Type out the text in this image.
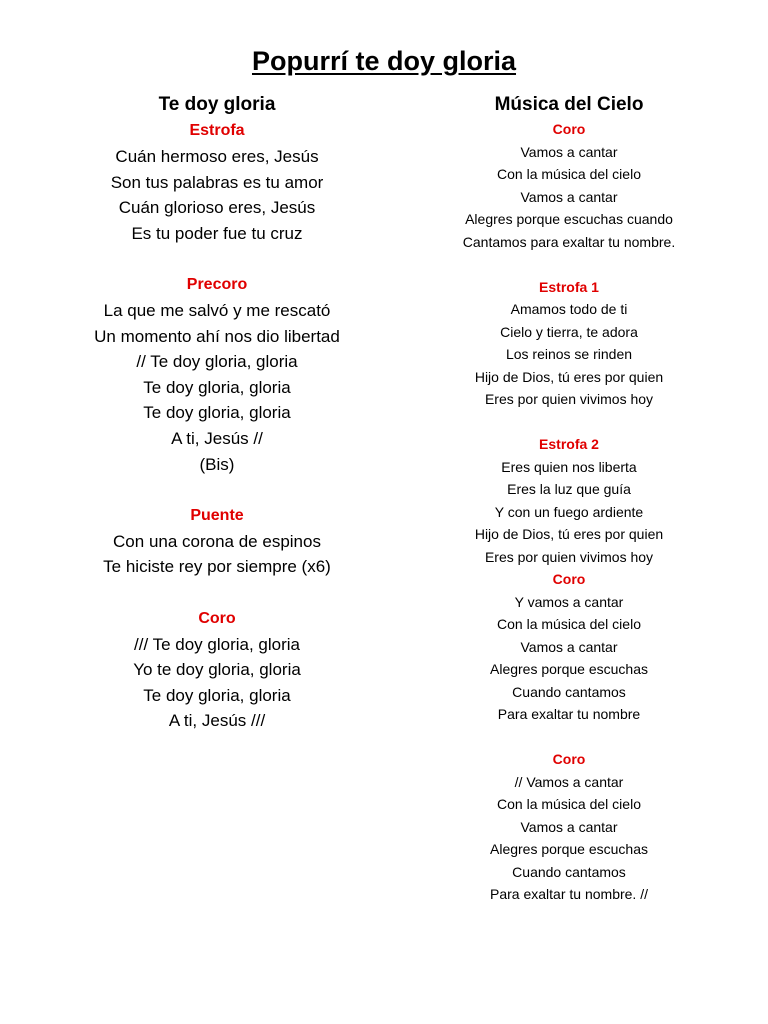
Popurrí te doy gloria
Te doy gloria
Estrofa
Cuán hermoso eres, Jesús
Son tus palabras es tu amor
Cuán glorioso eres, Jesús
Es tu poder fue tu cruz
Precoro
La que me salvó y me rescató
Un momento ahí nos dio libertad
// Te doy gloria, gloria
Te doy gloria, gloria
Te doy gloria, gloria
A ti, Jesús //
(Bis)
Puente
Con una corona de espinos
Te hiciste rey por siempre (x6)
Coro
/// Te doy gloria, gloria
Yo te doy gloria, gloria
Te doy gloria, gloria
A ti, Jesús ///
Música del Cielo
Coro
Vamos a cantar
Con la música del cielo
Vamos a cantar
Alegres porque escuchas cuando
Cantamos para exaltar tu nombre.
Estrofa 1
Amamos todo de ti
Cielo y tierra, te adora
Los reinos se rinden
Hijo de Dios, tú eres por quien
Eres por quien vivimos hoy
Estrofa 2
Eres quien nos liberta
Eres la luz que guía
Y con un fuego ardiente
Hijo de Dios, tú eres por quien
Eres por quien vivimos hoy
Coro
Y vamos a cantar
Con la música del cielo
Vamos a cantar
Alegres porque escuchas
Cuando cantamos
Para exaltar tu nombre
Coro
// Vamos a cantar
Con la música del cielo
Vamos a cantar
Alegres porque escuchas
Cuando cantamos
Para exaltar tu nombre. //
